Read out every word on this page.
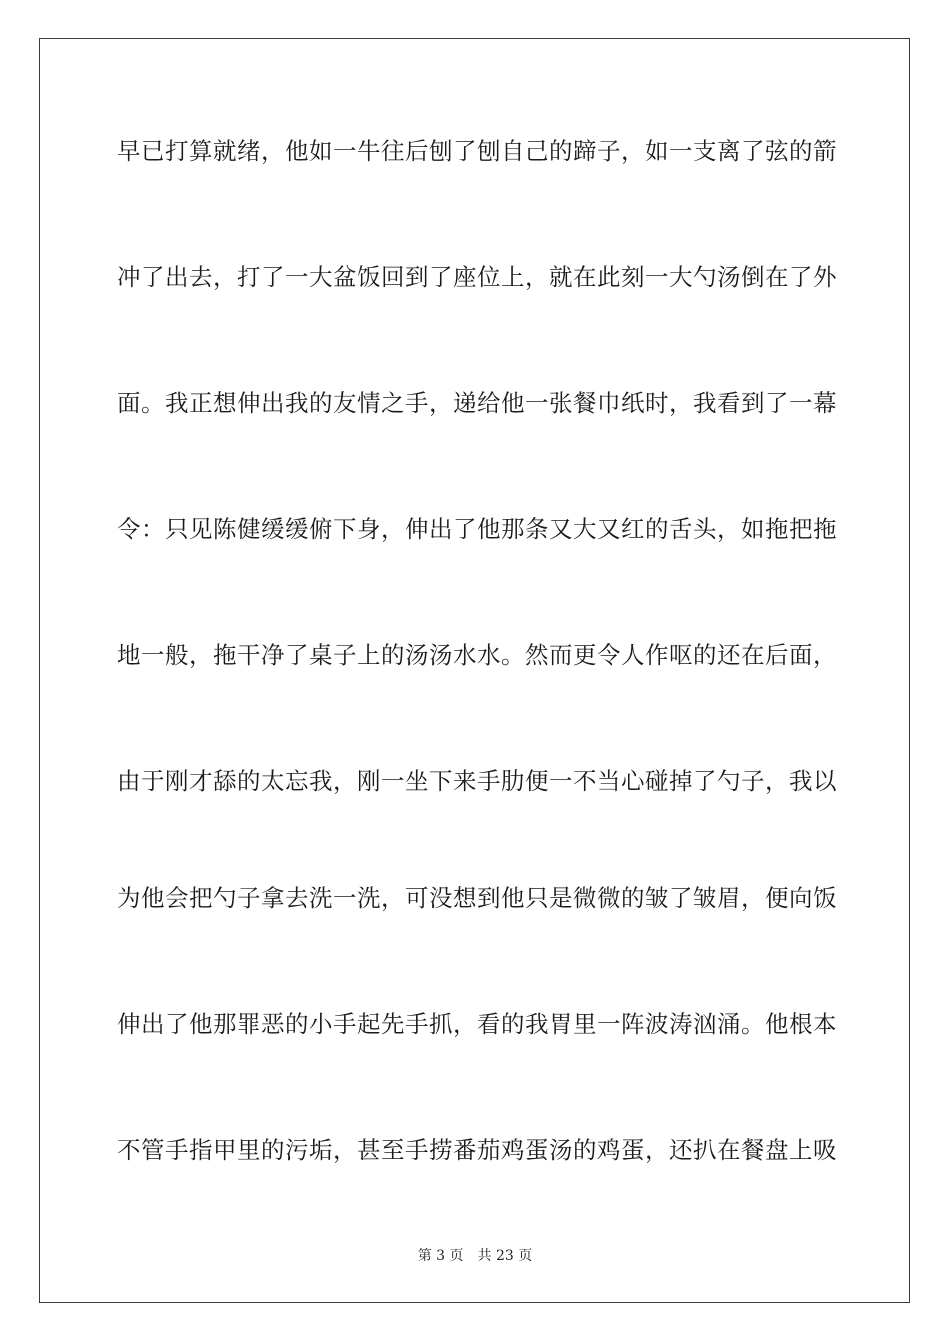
早已打算就绪，他如一牛往后刨了刨自己的蹄子，如一支离了弦的箭
冲了出去，打了一大盆饭回到了座位上，就在此刻一大勺汤倒在了外
面。我正想伸出我的友情之手，递给他一张餐巾纸时，我看到了一幕
令：只见陈健缓缓俯下身，伸出了他那条又大又红的舌头，如拖把拖
地一般，拖干净了桌子上的汤汤水水。然而更令人作呕的还在后面，
由于刚才舔的太忘我，刚一坐下来手肋便一不当心碰掉了勺子，我以
为他会把勺子拿去洗一洗，可没想到他只是微微的皱了皱眉，便向饭
伸出了他那罪恶的小手起先手抓，看的我胃里一阵波涛汹涌。他根本
不管手指甲里的污垢，甚至手捞番茄鸡蛋汤的鸡蛋，还扒在餐盘上吸
第 3 页 共 23 页
